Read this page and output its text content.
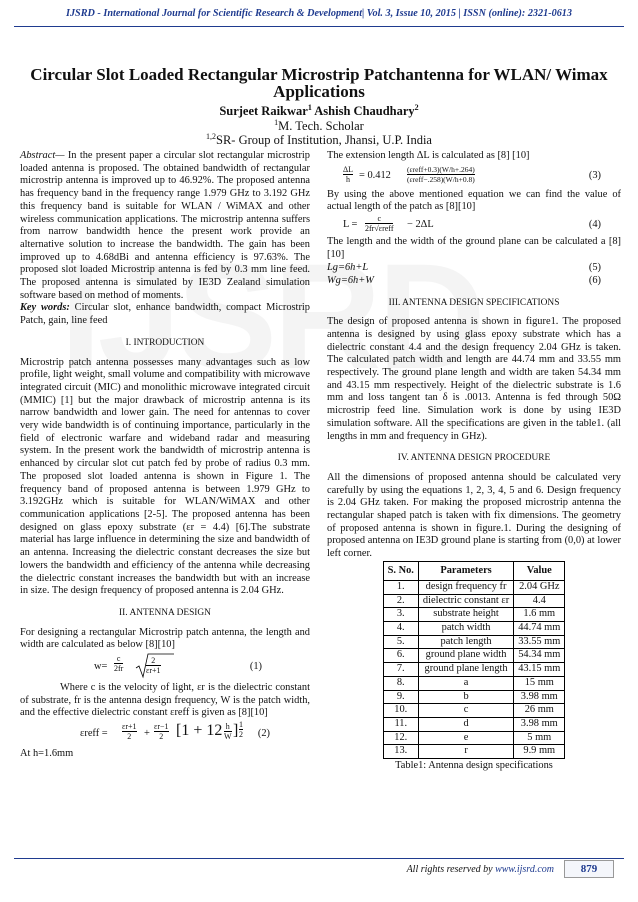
IJSRD - International Journal for Scientific Research & Development| Vol. 3, Issue 10, 2015 | ISSN (online): 2321-0613
Circular Slot Loaded Rectangular Microstrip Patchantenna for WLAN/ Wimax Applications
Surjeet Raikwar$^1$ Ashish Chaudhary$^2$
$^1$M. Tech. Scholar
$^{1,2}$SR- Group of Institution, Jhansi, U.P. India

Abstract— In the present paper a circular slot rectangular microstrip loaded antenna is proposed. The obtained bandwidth of rectangular microstrip antenna is improved up to 46.92%. The proposed antenna has frequency band in the frequency range 1.979 GHz to 3.192 GHz this frequency band is suitable for WLAN / WiMAX and other wireless communication applications. The microstrip antenna suffers from narrow bandwidth hence the present work provide an alternative solution to increase the bandwidth. The gain has been improved up to 4.68dBi and antenna efficiency is 97.63%. The proposed slot loaded Microstrip antenna is fed by 0.3 mm line feed. The proposed antenna is simulated by IE3D Zealand simulation software based on method of moments.

Key words: Circular slot, enhance bandwidth, compact Microstrip Patch, gain, line feed

I. INTRODUCTION

Microstrip patch antenna possesses many advantages such as low profile, light weight, small volume and compatibility with microwave integrated circuit (MIC) and monolithic microwave integrated circuit (MMIC) [1] but the major drawback of microstrip antenna is its narrow bandwidth and lower gain. The need for antennas to cover very wide bandwidth is of continuing importance, particularly in the field of electronic warfare and wideband radar and measuring system. In the present work the bandwidth of microstrip antenna is enhanced by circular slot cut patch fed by probe of radius 0.3 mm. The proposed slot loaded antenna is shown in Figure 1. The frequency band of proposed antenna is between 1.979 GHz to 3.192GHz which is suitable for WLAN/WiMAX and other communication applications [2-5]. The proposed antenna has been designed on glass epoxy substrate (εr = 4.4) [6].The substrate material has large influence in determining the size and bandwidth of an antenna. Increasing the dielectric constant decreases the size but lowers the bandwidth and efficiency of the antenna while decreasing the dielectric constant increases the bandwidth but with an increase in size. The design frequency of proposed antenna is 2.04 GHz.

II. ANTENNA DESIGN

For designing a rectangular Microstrip patch antenna, the length and width are calculated as below [8][10]

$w= \frac{c}{2fr}$	$\frac{2}{\varepsilon r+1}$	(1)

Where c is the velocity of light, εr is the dielectric constant of substrate, fr is the antenna design frequency, W is the patch width, and the effective dielectric constant εreff is given as [8][10]

εreff = $\frac{\varepsilon r+1}{2} + \frac{\varepsilon r-1}{2} [1 + 12 \frac{h}{W}$ ] $\frac{1}{2} (2)$

At h=1.6mm

The extension length ΔL is calculated as [8] [10]

$\frac{\Delta L}{h} = 0.412$
(εreff+0.3)(W/h+.264)
(εreff−.258)(W/h+0.8)	(3)

By using the above mentioned equation we can find the value of actual length of the patch as [8][10]

L =
c
2fr√εreff − 2ΔL	(4)

The length and the width of the ground plane can be calculated a [8][10]

Lg=6h+L	(5)
Wg=6h+W	(6)

III. ANTENNA DESIGN SPECIFICATIONS

The design of proposed antenna is shown in figure1. The proposed antenna is designed by using glass epoxy substrate which has a dielectric constant 4.4 and the design frequency 2.04 GHz is taken. The calculated patch width and length are 44.74 mm and 33.55 mm respectively. The ground plane length and width are taken 54.34 mm and 43.15 mm respectively. Height of the dielectric substrate is 1.6 mm and loss tangent tan δ is .0013. Antenna is fed through 50Ω microstrip feed line. Simulation work is done by using IE3D simulation software. All the specifications are given in the table1. (all lengths in mm and frequency in GHz).

IV. ANTENNA DESIGN PROCEDURE

All the dimensions of proposed antenna should be calculated very carefully by using the equations 1, 2, 3, 4, 5 and 6. Design frequency is 2.04 GHz taken. For making the proposed microstrip antenna the rectangular shaped patch is taken with fix dimensions. The geometry of proposed antenna is shown in figure.1. During the designing of proposed antenna on IE3D ground plane is starting from (0,0) at lower left corner.

S. No.	Parameters	Value
1.	design frequency fr	2.04 GHz
2.	dielectric constant εr	4.4
3.	substrate height	1.6 mm
4.	patch width	44.74 mm
5.	patch length	33.55 mm
6.	ground plane width	54.34 mm
7.	ground plane length	43.15 mm
8.	a	15 mm
9.	b	3.98 mm
10.	c	26 mm
11.	d	3.98 mm
12.	e	5 mm
13.	r	9.9 mm

Table1: Antenna design specifications

All rights reserved by www.ijsrd.com	879
